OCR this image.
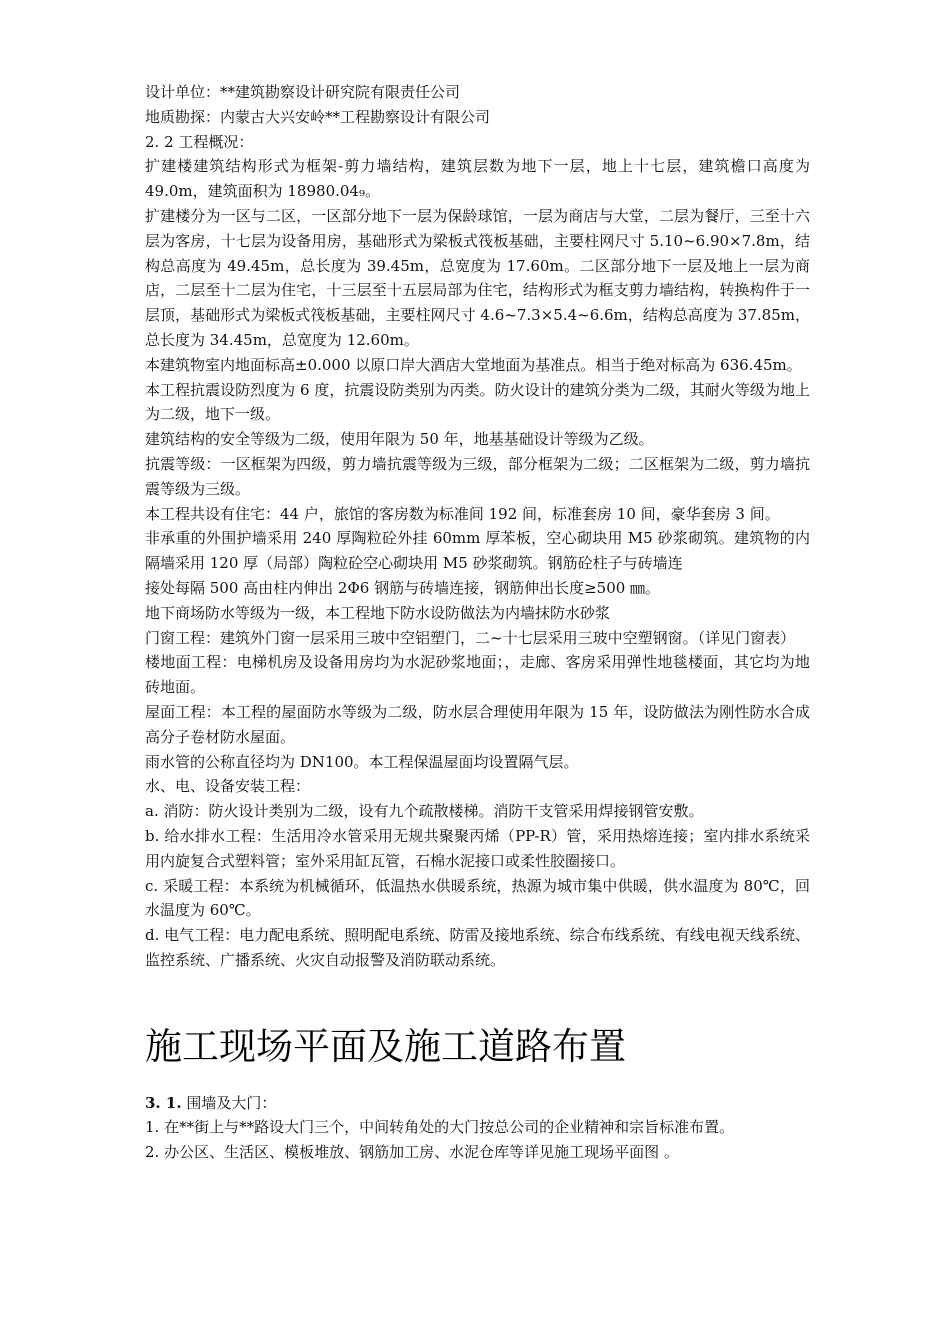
设计单位：**建筑勘察设计研究院有限责任公司

地质勘探：内蒙古大兴安岭**工程勘察设计有限公司

2. 2 工程概况：

扩建楼建筑结构形式为框架-剪力墙结构，建筑层数为地下一层，地上十七层，建筑檐口高度为 49.0m，建筑面积为 18980.04₉。

扩建楼分为一区与二区，一区部分地下一层为保龄球馆，一层为商店与大堂，二层为餐厅，三至十六层为客房，十七层为设备用房，基础形式为梁板式筏板基础，主要柱网尺寸 5.10~6.90×7.8m，结构总高度为 49.45m，总长度为 39.45m，总宽度为 17.60m。二区部分地下一层及地上一层为商店，二层至十二层为住宅，十三层至十五层局部为住宅，结构形式为框支剪力墙结构，转换构件于一层顶，基础形式为梁板式筏板基础，主要柱网尺寸 4.6~7.3×5.4~6.6m，结构总高度为 37.85m，总长度为 34.45m，总宽度为 12.60m。

本建筑物室内地面标高±0.000 以原口岸大酒店大堂地面为基准点。相当于绝对标高为 636.45m。

本工程抗震设防烈度为 6 度，抗震设防类别为丙类。防火设计的建筑分类为二级，其耐火等级为地上为二级，地下一级。

建筑结构的安全等级为二级，使用年限为 50 年，地基基础设计等级为乙级。

抗震等级：一区框架为四级，剪力墙抗震等级为三级，部分框架为二级；二区框架为二级，剪力墙抗震等级为三级。

本工程共设有住宅：44 户，旅馆的客房数为标准间 192 间，标准套房 10 间，豪华套房 3 间。

非承重的外围护墙采用 240 厚陶粒砼外挂 60mm 厚苯板，空心砌块用 M5 砂浆砌筑。建筑物的内隔墙采用 120 厚（局部）陶粒砼空心砌块用 M5 砂浆砌筑。钢筋砼柱子与砖墙连

接处每隔 500 高由柱内伸出 2Φ6 钢筋与砖墙连接，钢筋伸出长度≥500 ㎜。

地下商场防水等级为一级，本工程地下防水设防做法为内墙抹防水砂浆

门窗工程：建筑外门窗一层采用三玻中空铝塑门，二~十七层采用三玻中空塑钢窗。（详见门窗表）

楼地面工程：电梯机房及设备用房均为水泥砂浆地面；，走廊、客房采用弹性地毯楼面，其它均为地砖地面。

屋面工程：本工程的屋面防水等级为二级，防水层合理使用年限为 15 年，设防做法为刚性防水合成高分子卷材防水屋面。

雨水管的公称直径均为 DN100。本工程保温屋面均设置隔气层。

水、电、设备安装工程：

a. 消防：防火设计类别为二级，设有九个疏散楼梯。消防干支管采用焊接钢管安敷。

b. 给水排水工程：生活用冷水管采用无规共聚聚丙烯（PP-R）管，采用热熔连接；室内排水系统采用内旋复合式塑料管；室外采用缸瓦管，石棉水泥接口或柔性胶圈接口。

c. 采暖工程：本系统为机械循环，低温热水供暖系统，热源为城市集中供暖，供水温度为 80℃，回水温度为 60℃。

d. 电气工程：电力配电系统、照明配电系统、防雷及接地系统、综合布线系统、有线电视天线系统、监控系统、广播系统、火灾自动报警及消防联动系统。

施工现场平面及施工道路布置

3. 1. 围墙及大门：

1. 在**街上与**路设大门三个，中间转角处的大门按总公司的企业精神和宗旨标准布置。

2. 办公区、生活区、模板堆放、钢筋加工房、水泥仓库等详见施工现场平面图 。
